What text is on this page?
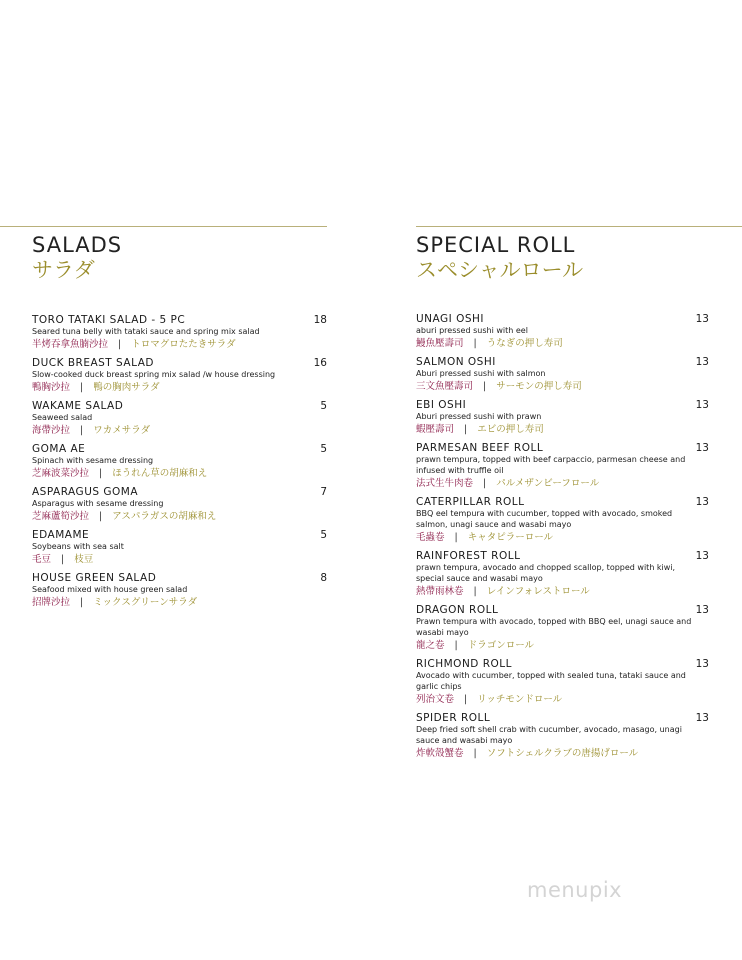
SALADS
サラダ
TORO TATAKI SALAD - 5 PC	18
Seared tuna belly with tataki sauce and spring mix salad
半烤吞拿魚腩沙拉 | トロマグロたたきサラダ
DUCK BREAST SALAD	16
Slow-cooked duck breast spring mix salad /w house dressing
鴨胸沙拉 | 鴨の胸肉サラダ
WAKAME SALAD	5
Seaweed salad
海帶沙拉 | ワカメサラダ
GOMA AE	5
Spinach with sesame dressing
芝麻波菜沙拉 | ほうれん草の胡麻和え
ASPARAGUS GOMA	7
Asparagus with sesame dressing
芝麻蘆筍沙拉 | アスパラガスの胡麻和え
EDAMAME	5
Soybeans with sea salt
毛豆 | 枝豆
HOUSE GREEN SALAD	8
Seafood mixed with house green salad
招牌沙拉 | ミックスグリーンサラダ
SPECIAL ROLL
スペシャルロール
UNAGI OSHI	13
aburi pressed sushi with eel
鰻魚壓壽司 | うなぎの押し寿司
SALMON OSHI	13
Aburi pressed sushi with salmon
三文魚壓壽司 | サーモンの押し寿司
EBI OSHI	13
Aburi pressed sushi with prawn
蝦壓壽司 | エビの押し寿司
PARMESAN BEEF ROLL	13
prawn tempura, topped with beef carpaccio, parmesan cheese and infused with truffle oil
法式生牛肉卷 | パルメザンビーフロール
CATERPILLAR ROLL	13
BBQ eel tempura with cucumber, topped with avocado, smoked salmon, unagi sauce and wasabi mayo
毛蟲卷 | キャタピラーロール
RAINFOREST ROLL	13
prawn tempura, avocado and chopped scallop, topped with kiwi, special sauce and wasabi mayo
熱帶雨林卷 | レインフォレストロール
DRAGON ROLL	13
Prawn tempura with avocado, topped with BBQ eel, unagi sauce and wasabi mayo
龍之卷 | ドラゴンロール
RICHMOND ROLL	13
Avocado with cucumber, topped with sealed tuna, tataki sauce and garlic chips
列治文卷 | リッチモンドロール
SPIDER ROLL	13
Deep fried soft shell crab with cucumber, avocado, masago, unagi sauce and wasabi mayo
炸軟殼蟹卷 | ソフトシェルクラブの唐揚げロール
menupix
